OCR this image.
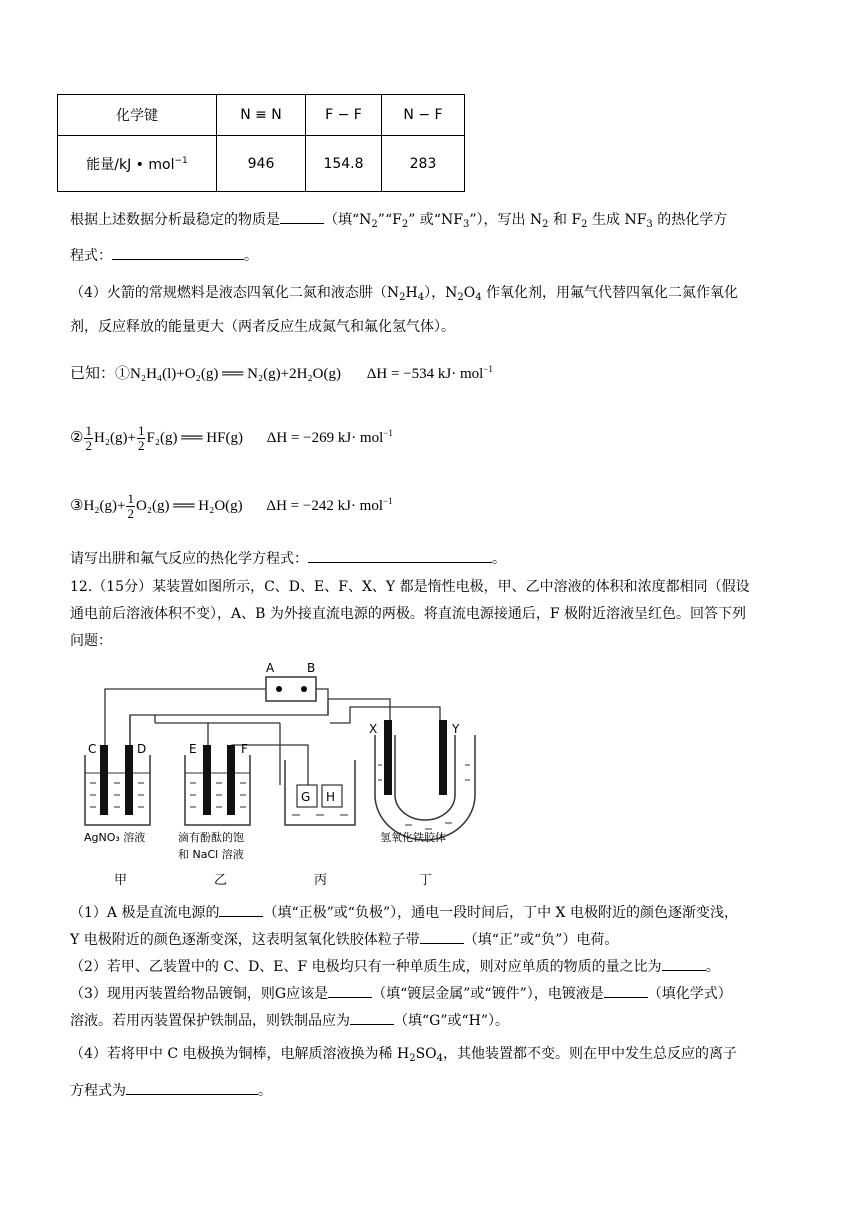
化学键	N ≡ N	F − F	N − F
能量/kJ • mol$^{-1}$	946	154.8	283
根据上述数据分析最稳定的物质是	（填“$N_2”“F_2$” 或“$NF_3$”），写出 $N_2$ 和 $F_2$ 生成 $NF_3$ 的热化学方
程式：	。
（4）火箭的常规燃料是液态四氧化二氮和液态肼$(N_2H_4)$，$N_2O_4$ 作氧化剂，用氟气代替四氧化二氮作氧化
剂，反应释放的能量更大（两者反应生成氮气和氟化氢气体）。
已知：①N₂H₄(l)+O₂(g) ══ N₂(g)+2H₂O(g) ΔH = −534 kJ· mol$^{-1}$
② $\frac{1}{2} H_2(g)+ \frac{1}{2} F_2(g)$ ══ HF(g) ΔH = −269 kJ· mol$^{-1}$
③H₂(g)+ $\frac{1}{2} O_2(g)$ ══ H₂O(g) ΔH = −242 kJ· mol$^{-1}$
请写出肼和氟气反应的热化学方程式：	。
12.（15分）某装置如图所示，C、D、E、F、X、Y 都是惰性电极，甲、乙中溶液的体积和浓度都相同（假设
通电前后溶液体积不变），A、B 为外接直流电源的两极。将直流电源接通后，F 极附近溶液呈红色。回答下列
问题：
A	B
C	D	E	F
G H
X	Y
AgNO₃ 溶液	滴有酚酞的饱
和 NaCl 溶液
氢氧化铁胶体
甲	乙	丙	丁
（1）A 极是直流电源的	（填“正极”或“负极”），通电一段时间后，丁中 X 电极附近的颜色逐渐变浅，
Y 电极附近的颜色逐渐变深，这表明氢氧化铁胶体粒子带	（填“正”或“负”）电荷。
（2）若甲、乙装置中的 C、D、E、F 电极均只有一种单质生成，则对应单质的物质的量之比为	。
（3）现用丙装置给物品镀铜，则G应该是	（填“镀层金属”或“镀件”），电镀液是	（填化学式）
溶液。若用丙装置保护铁制品，则铁制品应为	（填“G”或“H”）。
（4）若将甲中 C 电极换为铜棒，电解质溶液换为稀 $H_2SO_4$，其他装置都不变。则在甲中发生总反应的离子
方程式为	。
